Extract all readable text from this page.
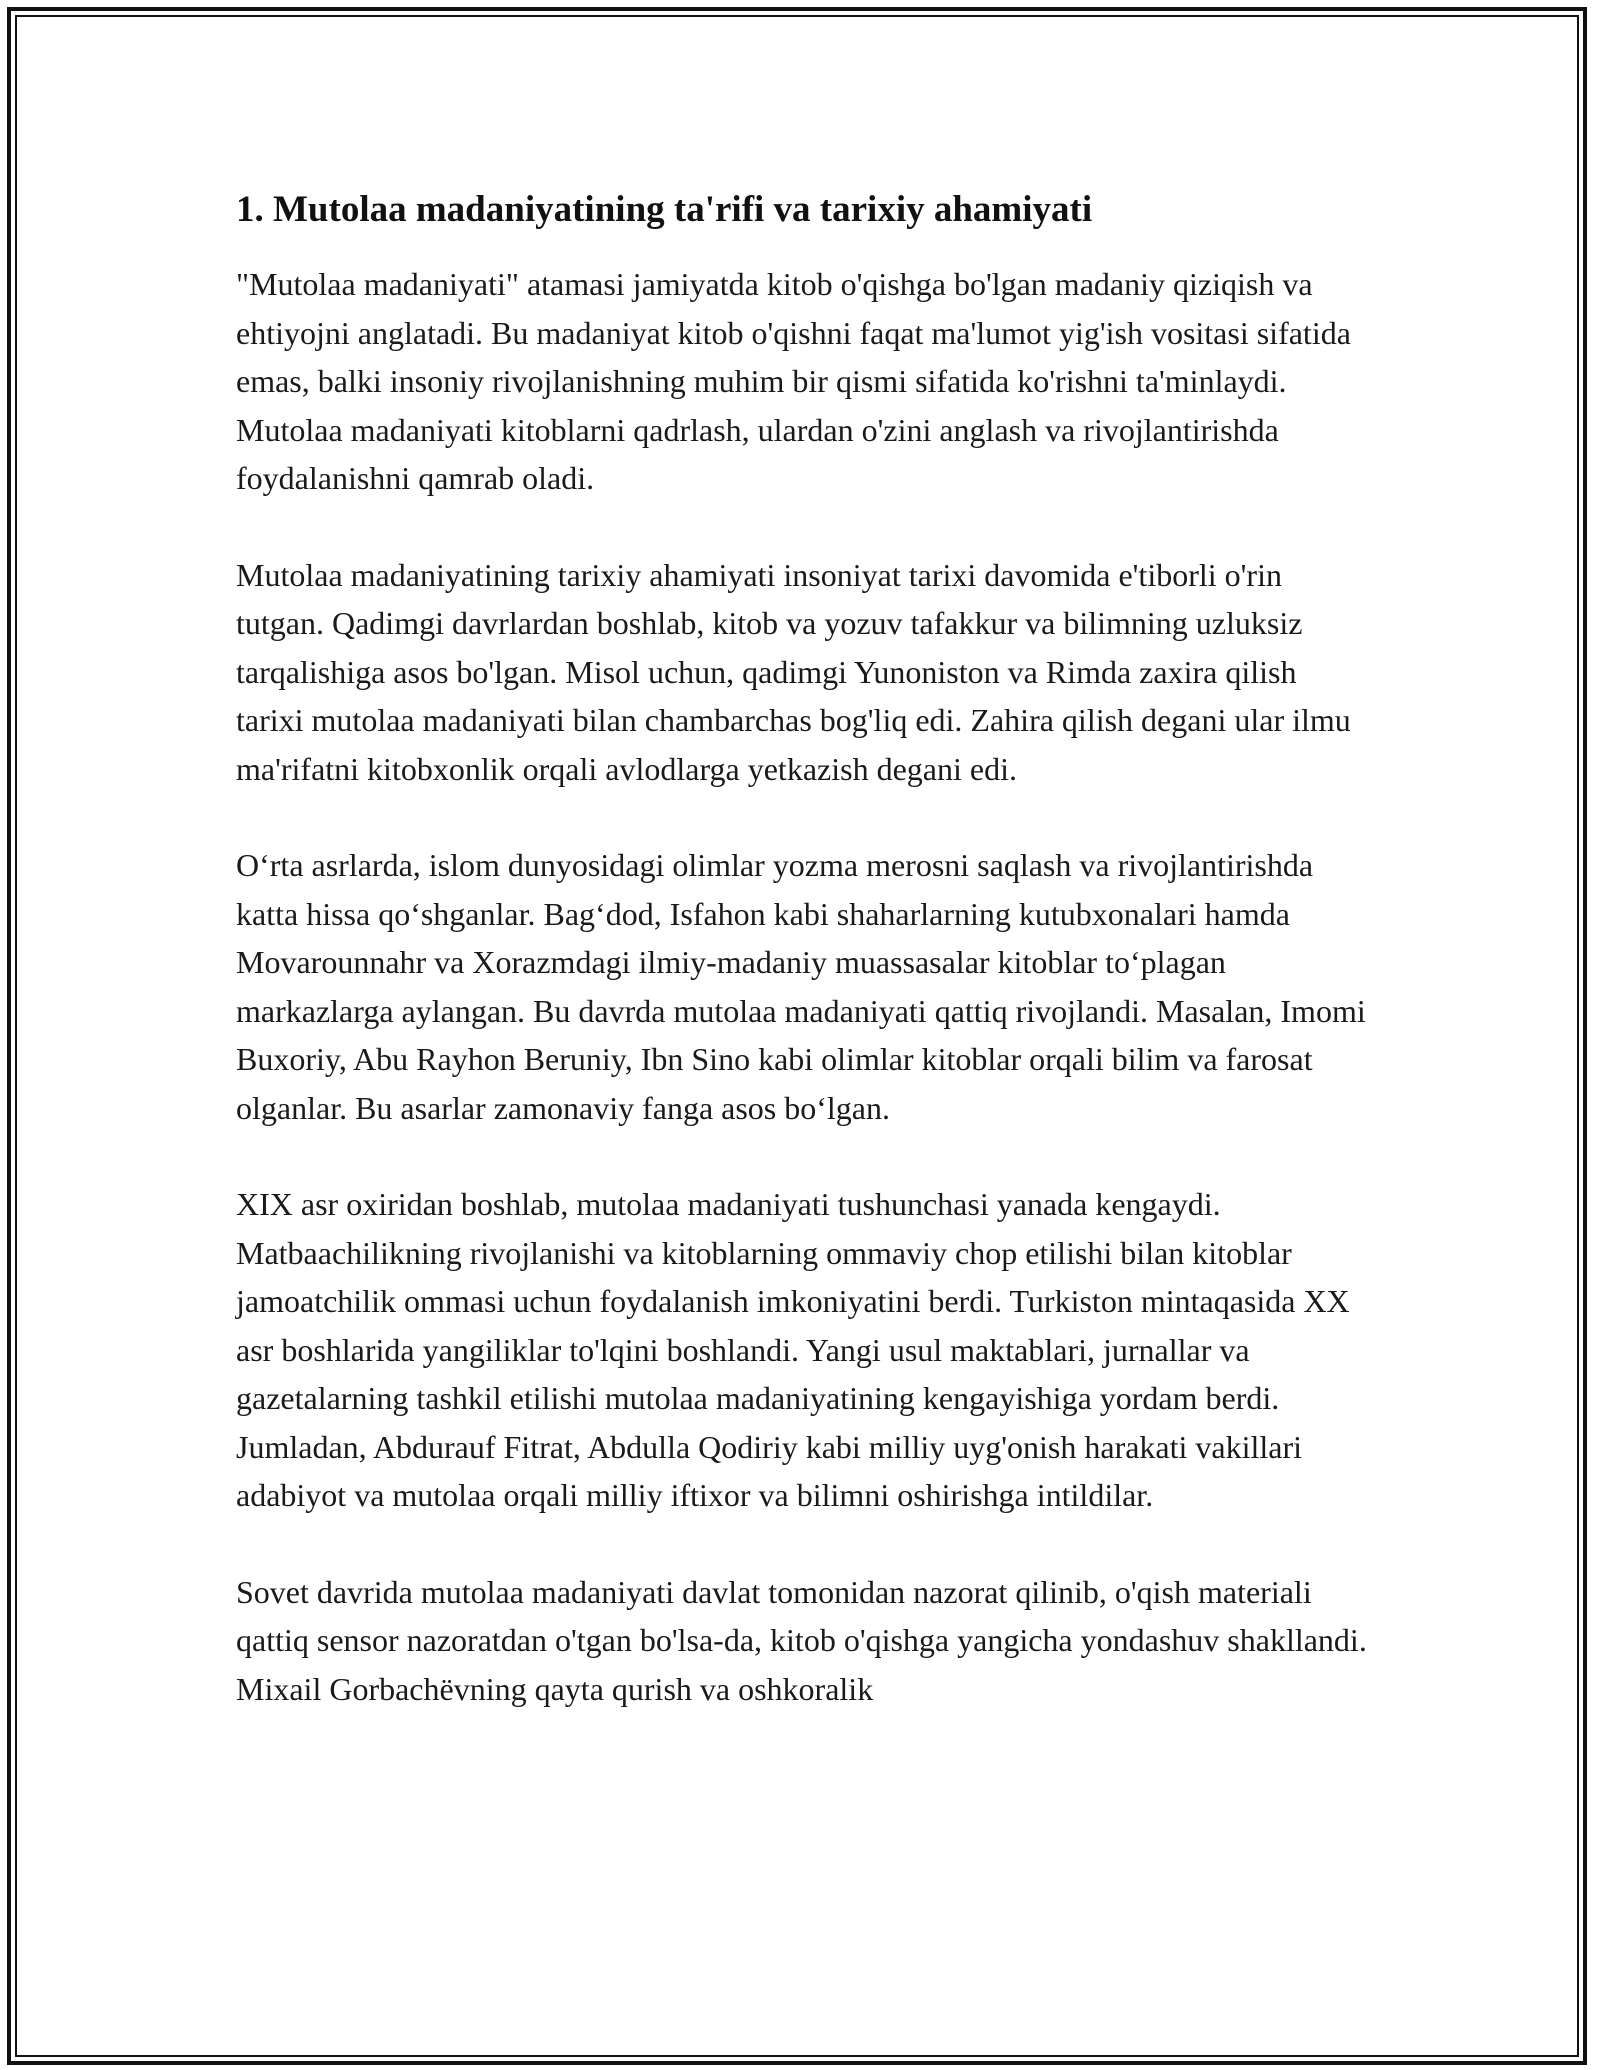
1. Mutolaa madaniyatining ta'rifi va tarixiy ahamiyati

"Mutolaa madaniyati" atamasi jamiyatda kitob o'qishga bo'lgan madaniy qiziqish va ehtiyojni anglatadi. Bu madaniyat kitob o'qishni faqat ma'lumot yig'ish vositasi sifatida emas, balki insoniy rivojlanishning muhim bir qismi sifatida ko'rishni ta'minlaydi. Mutolaa madaniyati kitoblarni qadrlash, ulardan o'zini anglash va rivojlantirishda foydalanishni qamrab oladi.

Mutolaa madaniyatining tarixiy ahamiyati insoniyat tarixi davomida e'tiborli o'rin tutgan. Qadimgi davrlardan boshlab, kitob va yozuv tafakkur va bilimning uzluksiz tarqalishiga asos bo'lgan. Misol uchun, qadimgi Yunoniston va Rimda zaxira qilish tarixi mutolaa madaniyati bilan chambarchas bog'liq edi. Zahira qilish degani ular ilmu ma'rifatni kitobxonlik orqali avlodlarga yetkazish degani edi.

O‘rta asrlarda, islom dunyosidagi olimlar yozma merosni saqlash va rivojlantirishda katta hissa qo‘shganlar. Bag‘dod, Isfahon kabi shaharlarning kutubxonalari hamda Movarounnahr va Xorazmdagi ilmiy-madaniy muassasalar kitoblar to‘plagan markazlarga aylangan. Bu davrda mutolaa madaniyati qattiq rivojlandi. Masalan, Imomi Buxoriy, Abu Rayhon Beruniy, Ibn Sino kabi olimlar kitoblar orqali bilim va farosat olganlar. Bu asarlar zamonaviy fanga asos bo‘lgan.

XIX asr oxiridan boshlab, mutolaa madaniyati tushunchasi yanada kengaydi. Matbaachilikning rivojlanishi va kitoblarning ommaviy chop etilishi bilan kitoblar jamoatchilik ommasi uchun foydalanish imkoniyatini berdi. Turkiston mintaqasida XX asr boshlarida yangiliklar to'lqini boshlandi. Yangi usul maktablari, jurnallar va gazetalarning tashkil etilishi mutolaa madaniyatining kengayishiga yordam berdi. Jumladan, Abdurauf Fitrat, Abdulla Qodiriy kabi milliy uyg'onish harakati vakillari adabiyot va mutolaa orqali milliy iftixor va bilimni oshirishga intildilar.

Sovet davrida mutolaa madaniyati davlat tomonidan nazorat qilinib, o'qish materiali qattiq sensor nazoratdan o'tgan bo'lsa-da, kitob o'qishga yangicha yondashuv shakllandi. Mixail Gorbachëvning qayta qurish va oshkoralik
